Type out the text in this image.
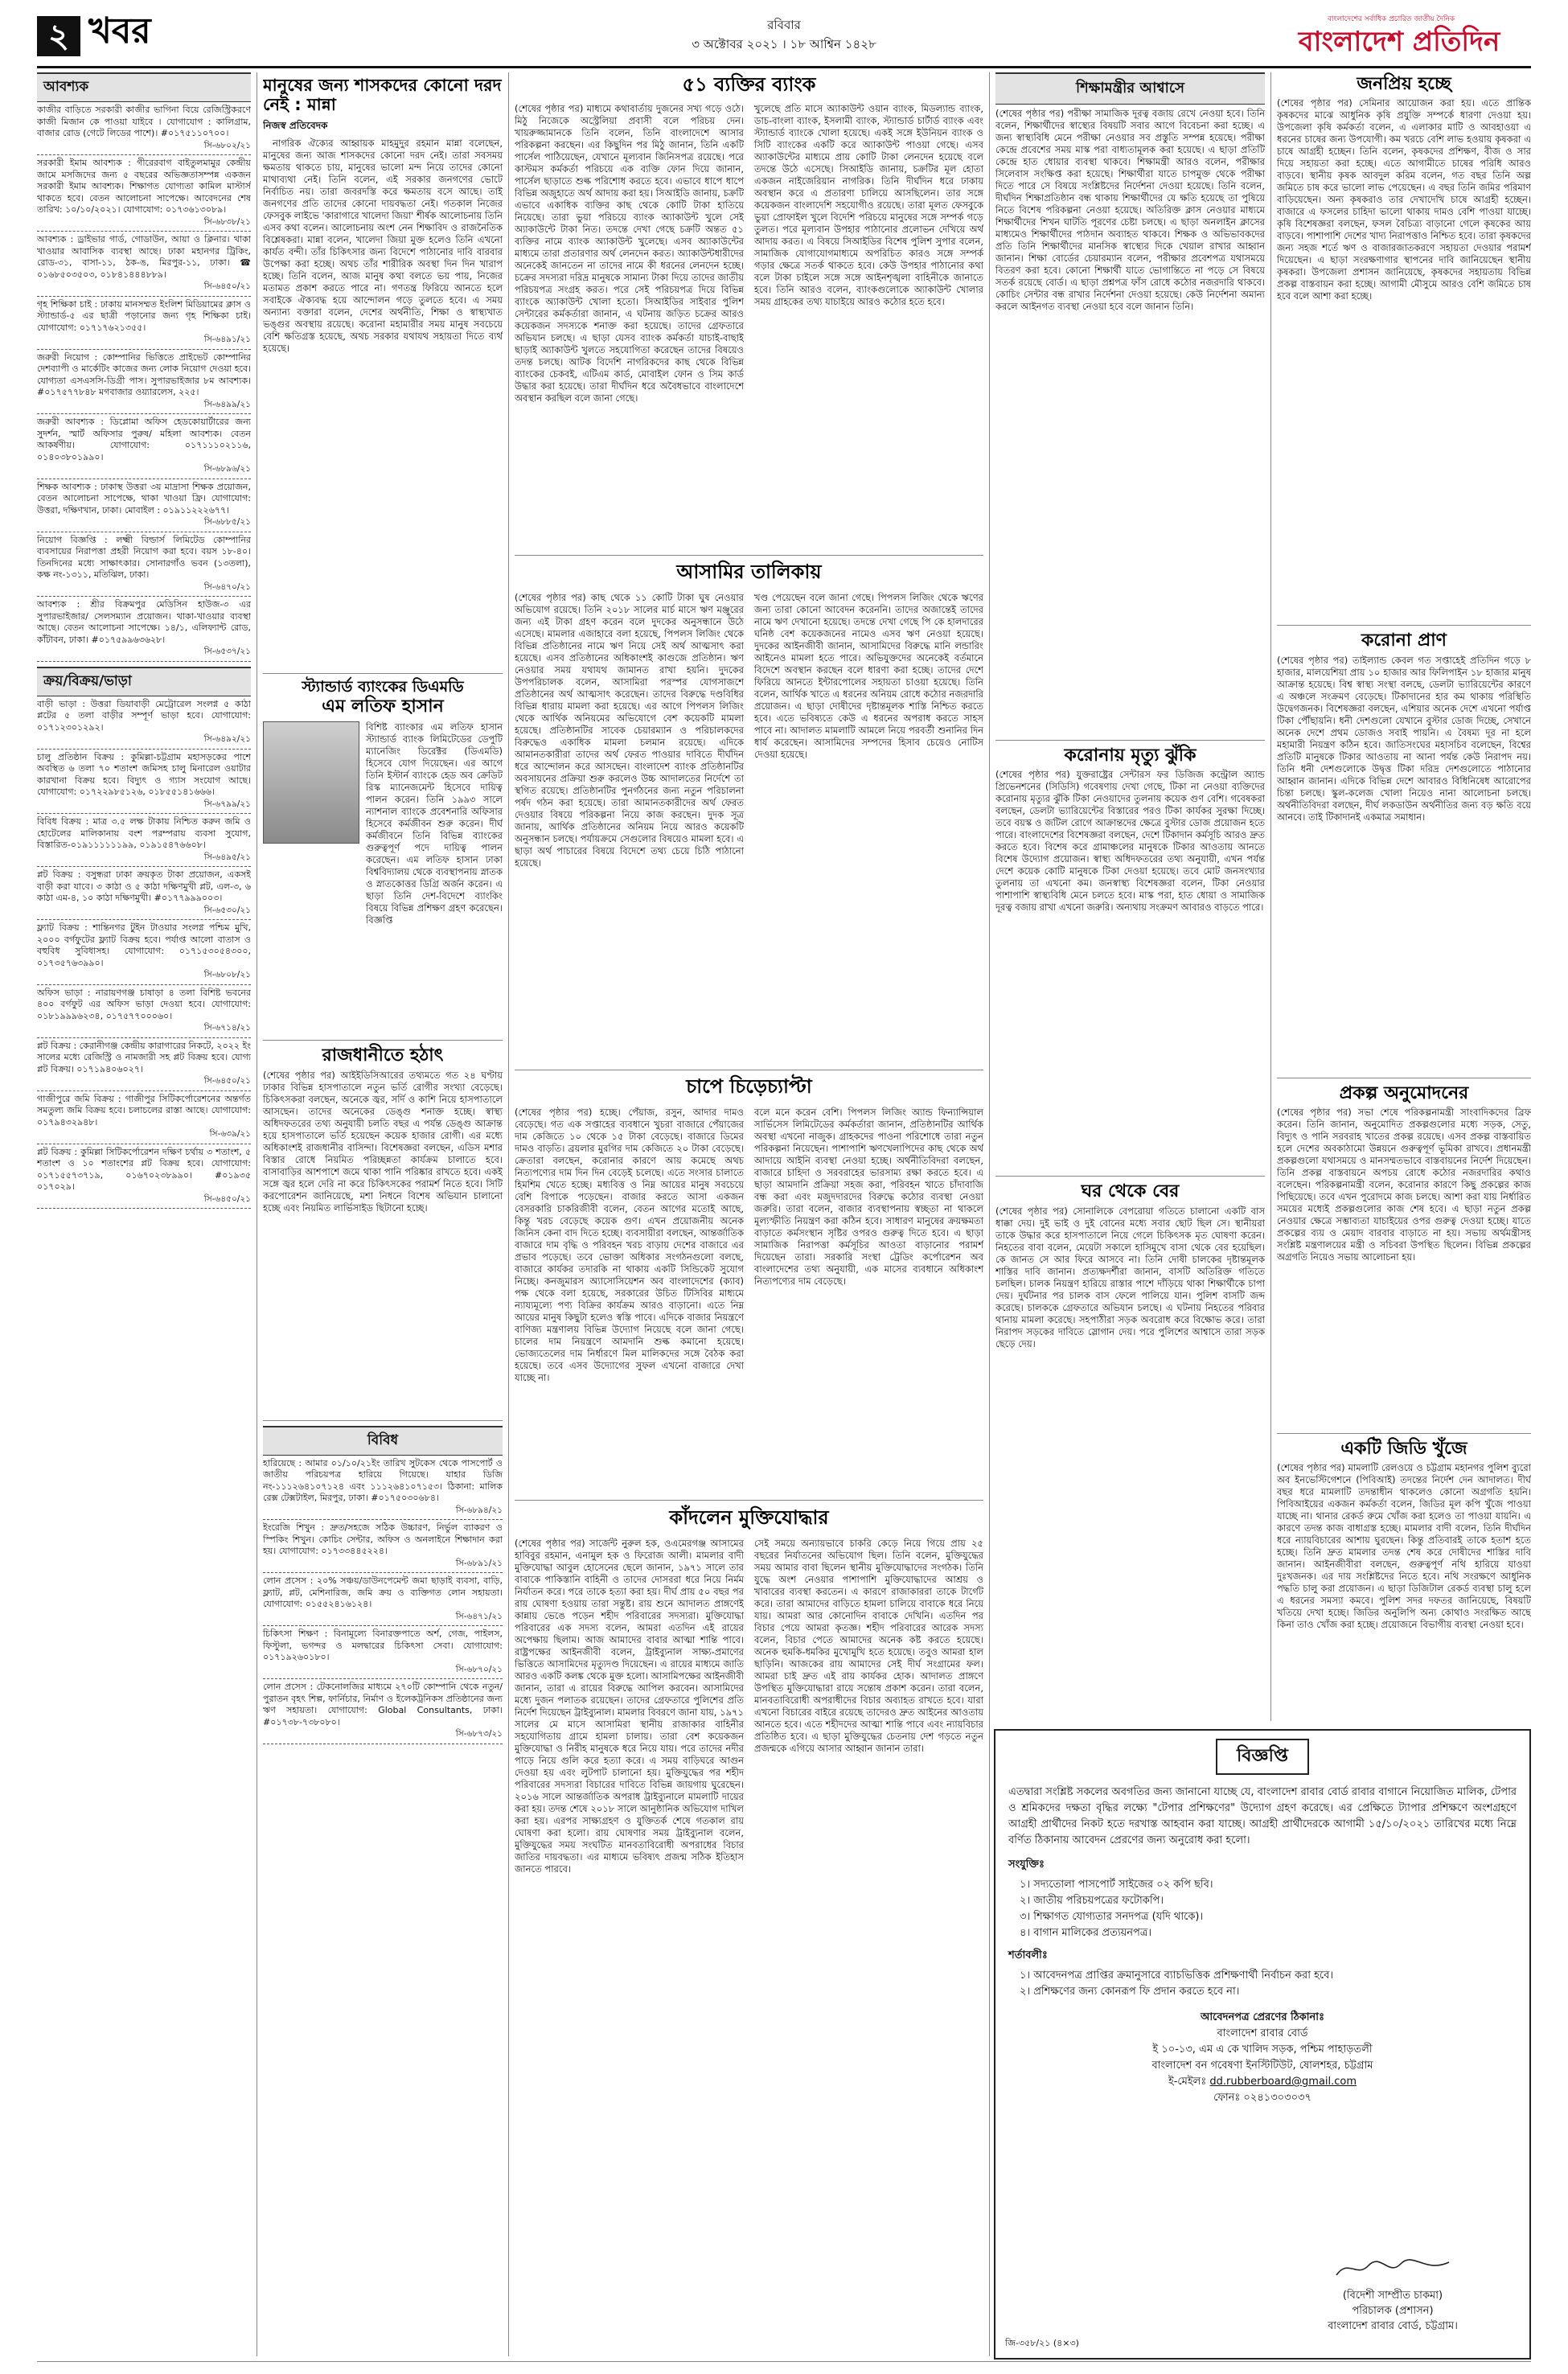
২ খবর	রবিবার
৩ অক্টোবর ২০২১ । ১৮ আশ্বিন ১৪২৮
বাংলাদেশের সর্বাধিক প্রচারিত জাতীয় দৈনিক
বাংলাদেশ প্রতিদিন
আবশ্যক
কাজীর বাড়িতে সরকারী কাজীর ভাগিনা বিয়ে রেজিস্ট্রিকরণে কাজী মিজান কে পাওয়া যাইবে । যোগাযোগ : কালিগ্রাম, বাজার রোড (গেটে লিডের পাশে)। #০১৭৫১১০৭০০।
সি-৬৮০২/২১
সরকারী ইমাম আবশ্যক : গীরেরবাগ বাইতুলমামুর কেন্দ্রীয় জামে মসজিদের জন্য ৫ বছরের অভিজ্ঞতাসম্পন্ন একজন সরকারী ইমাম আবশ্যক। শিক্ষাগত যোগ্যতা কামিল মাস্টার্স থাকতে হবে। বেতন আলোচনা সাপেক্ষে। আবেদনের শেষ তারিখ: ১০/১০/২০২১। যোগাযোগ: ০১৭৩৬১৩০৮৯।
সি-৬৮৩৮/২১
আবশ্যক : ড্রাইভার গার্ড, গোডাউন, আয়া ও ক্লিনার। থাকা খাওয়ার আবাসিক ব্যবস্থা আছে। ঢাকা মহানগর ট্রিকিং, রোড-৩১, বাসা-১১, ঠক-ঙ, মিরপুর-১১, ঢাকা। ☎ ০১৬৮৫০৩৫০৩, ০১৮৪১৪৪৪৮৮৯।
সি-৬৪৫০/২১
গৃহ শিক্ষিকা চাই : ঢাকায় মানসম্মত ইংলিশ মিডিয়ামের ক্লাস ও স্ট্যান্ডার্ড-৫ এর ছাত্রী পড়ানোর জন্য গৃহ শিক্ষিকা চাই। যোগাযোগ: ০১৭১৭৬২১৩৫৫।
সি-৬৪৯১/২১
জরুরী নিয়োগ : কোম্পানির ভিত্তিতে প্রাইভেট কোম্পানির দেশব্যাপী ও মার্কেটিং কাজের জন্য লোক নিয়োগ দেওয়া হবে। যোগ্যতা এসএসসি-ডিগ্রী পাস। সুপারভাইজার ৮ম আবশ্যক। #০১৭৫৭৭৮৪৮ মগবাজার ওয়্যারলেস, ২২৫।
সি-৬৪৯৯/২১
জরুরী আবশ্যক : ডিপ্লোমা অফিস হেডকোয়ার্টারের জন্য সুদর্শন, স্মার্ট অফিসার পুরুষ/ মহিলা আবশ্যক। বেতন আকর্ষণীয়। যোগাযোগ: ০১৭১১১০২১১৬, ০১৪০৩৮০১৯৯০।
সি-৬৮৯৬/২১
শিক্ষক আবশ্যক : ঢাকাস্থ উত্তরা ৩য় মাদ্রাসা শিক্ষক প্রয়োজন, বেতন আলোচনা সাপেক্ষে, থাকা খাওয়া ফ্রি। যোগাযোগ: উত্তরা, দক্ষিণখান, ঢাকা। মোবাইল : ০১৯১১২২২৬৭৭।
সি-৬৮৮৫/২১
নিয়োগ বিজ্ঞপ্তি : লক্ষ্মী বিল্ডার্স লিমিটেড কোম্পানির ব্যবসায়ের নিরাপত্তা প্রহরী নিয়োগ করা হবে। বয়স ১৮-৪০। তিনদিনের মধ্যে সাক্ষাৎকার। সোনারগাঁও ভবন (১৩তলা), কক্ষ নং-১৩১১, মতিঝিল, ঢাকা।
সি-৬৪৭০/২১
আবশ্যক : শ্রীর বিক্রমপুর মেডিসিন হাউজ-৩ এর সুপারভাইজার/ সেলসম্যান প্রয়োজন। থাকা-খাওয়ার ব্যবস্থা আছে। বেতন আলোচনা সাপেক্ষে। ১৪/১, এলিফ্যান্ট রোড, কাঁটাবন, ঢাকা। #০১৭৫৯৯৬৩৬২৮।
সি-৬৫৩৭/২১
ক্রয়/বিক্রয়/ভাড়া
বাড়ী ভাড়া : উত্তরা ডিয়াবাড়ী মেট্রোরেল সংলগ্ন ৫ কাঠা প্লটের ৫ তলা বাড়ীর সম্পূর্ণ ভাড়া হবে। যোগাযোগ: ০১৭১২৩০১২৯২।
সি-৬৪৯২/২১
চালু প্রতিষ্ঠান বিক্রয় : কুমিল্লা-চট্টগ্রাম মহাসড়কের পাশে অবস্থিত ৬ তলা ৭০ শতাংশ জমিসহ চালু মিনারেল ওয়াটার কারখানা বিক্রয় হবে। বিদ্যুৎ ও গ্যাস সংযোগ আছে। যোগাযোগ: ০১৭২২৯৮৫১২৬, ০১৮৫৫১৪১৬৬৬।
সি-৬৭৯৯/২১
বিবিধ বিক্রয় : মাত্র ৩.৫ লক্ষ টাকায় নিশ্চিত করুন জমি ও হোটেলের মালিকানায় বংশ পরম্পরায় ব্যবসা সুযোগ, বিস্তারিত-০১৯১১১১১১৯৯, ০১৯১৫৪৭৬৬০৮।
সি-৬৪৯৫/২১
প্লট বিক্রয় : বসুন্ধরা ঢাকা ক্রয়কৃত টাকা প্রয়োজন, একসই বাড়ী করা যাবে। ৩ কাঠা ও ৫ কাঠা দক্ষিণমুখী প্লট, এল-৩, ৬ কাঠা এম-৪, ১০ কাঠা দক্ষিণমুখী। #০১৭৭৯৯৯০০৩।
সি-৬৫৩০/২১
ফ্ল্যাট বিক্রয় : শান্তিনগর টুইন টাওয়ার সংলগ্ন পশ্চিম মুখি, ২০০০ বর্গফুটের ফ্ল্যাট বিক্রয় হবে। পর্যাপ্ত আলো বাতাস ও বহুবিধ সুবিধাসহ। যোগাযোগ: ০১৭১৫৩০৫৪৩০০, ০১৭৩৫৭৬৩৯৯০।
সি-৬৮০৮/২১
অফিস ভাড়া : নারায়ণগঞ্জ চাষাড়া ৪ তলা বিশিষ্ট ভবনের ৪০০ বর্গফুট এর অফিস ভাড়া দেওয়া হবে। যোগাযোগ: ০১৮১৯৯৯৬২৩৪, ০১৭৫৭৭০০০৬০।
সি-৬৭১৪/২১
প্লট বিক্রয় : কেরানীগঞ্জ কেন্দ্রীয় কারাগারের নিকটে, ২০২২ ইং সালের মধ্যে রেজিস্ট্রি ও নামজারী সহ প্লট বিক্রয় হবে। যোগ্য প্লট বিক্রয়। ০১৭১৯৪০৬০২৭।
সি-৬৪৫০/২১
গাজীপুরে জমি বিক্রয় : গাজীপুর সিটিকর্পোরেশনের অন্তর্গত সমতুল্য জমি বিক্রয় হবে। চলাচলের রাস্তা আছে। যোগাযোগ: ০১৭৯৪৩২৯৪৮।
সি-৬৩৯/২১
প্লট বিক্রয় : কুমিল্লা সিটিকর্পোরেশন দক্ষিণ চর্থায় ৩ শতাংশ, ৫ শতাংশ ও ১০ শতাংশের প্লট বিক্রয় হবে। যোগাযোগ: ০১৭১৫৫৭৩৭১৯, ০১৬৭০২৩৮৯৯০। #০১৯৩৫ ০১৭০২৯।
সি-৬৪৫০/২১
মানুষের জন্য শাসকদের কোনো দরদ নেই : মান্না
নিজস্ব প্রতিবেদক
নাগরিক ঐক্যের আহ্বায়ক মাহমুদুর রহমান মান্না বলেছেন, মানুষের জন্য আজ শাসকদের কোনো দরদ নেই। তারা সবসময় ক্ষমতায় থাকতে চায়, মানুষের ভালো মন্দ নিয়ে তাদের কোনো মাথাব্যথা নেই। তিনি বলেন, এই সরকার জনগণের ভোটে নির্বাচিত নয়। তারা জবরদস্তি করে ক্ষমতায় বসে আছে। তাই জনগণের প্রতি তাদের কোনো দায়বদ্ধতা নেই। গতকাল নিজের ফেসবুক লাইভে 'কারাগারে খালেদা জিয়া' শীর্ষক আলোচনায় তিনি এসব কথা বলেন। আলোচনায় অংশ নেন শিক্ষাবিদ ও রাজনৈতিক বিশ্লেষকরা। মান্না বলেন, খালেদা জিয়া মুক্ত হলেও তিনি এখনো কার্যত বন্দী। তাঁর চিকিৎসার জন্য বিদেশে পাঠানোর দাবি বারবার উপেক্ষা করা হচ্ছে। অথচ তাঁর শারীরিক অবস্থা দিন দিন খারাপ হচ্ছে। তিনি বলেন, আজ মানুষ কথা বলতে ভয় পায়, নিজের মতামত প্রকাশ করতে পারে না। গণতন্ত্র ফিরিয়ে আনতে হলে সবাইকে ঐক্যবদ্ধ হয়ে আন্দোলন গড়ে তুলতে হবে। এ সময় অন্যান্য বক্তারা বলেন, দেশের অর্থনীতি, শিক্ষা ও স্বাস্থ্যখাত ভঙ্গুর অবস্থায় রয়েছে। করোনা মহামারীর সময় মানুষ সবচেয়ে বেশি ক্ষতিগ্রস্ত হয়েছে, অথচ সরকার যথাযথ সহায়তা দিতে ব্যর্থ হয়েছে।
স্ট্যান্ডার্ড ব্যাংকের ডিএমডি
এম লতিফ হাসান
বিশিষ্ট ব্যাংকার এম লতিফ হাসান স্ট্যান্ডার্ড ব্যাংক লিমিটেডের ডেপুটি ম্যানেজিং ডিরেক্টর (ডিএমডি) হিসেবে যোগ দিয়েছেন। এর আগে তিনি ইস্টার্ন ব্যাংকে হেড অব ক্রেডিট রিস্ক ম্যানেজমেন্ট হিসেবে দায়িত্ব পালন করেন। তিনি ১৯৯৩ সালে ন্যাশনাল ব্যাংকে প্রবেশনারি অফিসার হিসেবে কর্মজীবন শুরু করেন। দীর্ঘ কর্মজীবনে তিনি বিভিন্ন ব্যাংকের গুরুত্বপূর্ণ পদে দায়িত্ব পালন করেছেন। এম লতিফ হাসান ঢাকা বিশ্ববিদ্যালয় থেকে ব্যবস্থাপনায় স্নাতক ও স্নাতকোত্তর ডিগ্রি অর্জন করেন। এ ছাড়া তিনি দেশ-বিদেশে ব্যাংকিং বিষয়ে বিভিন্ন প্রশিক্ষণ গ্রহণ করেছেন। বিজ্ঞপ্তি
রাজধানীতে হঠাৎ
(শেষের পৃষ্ঠার পর) আইইডিসিআরের তথ্যমতে গত ২৪ ঘণ্টায় ঢাকার বিভিন্ন হাসপাতালে নতুন ভর্তি রোগীর সংখ্যা বেড়েছে। চিকিৎসকরা বলছেন, অনেকে জ্বর, সর্দি ও কাশি নিয়ে হাসপাতালে আসছেন। তাদের অনেকের ডেঙ্গু শনাক্ত হচ্ছে। স্বাস্থ্য অধিদফতরের তথ্য অনুযায়ী চলতি বছর এ পর্যন্ত ডেঙ্গু আক্রান্ত হয়ে হাসপাতালে ভর্তি হয়েছেন কয়েক হাজার রোগী। এর মধ্যে অধিকাংশই রাজধানীর বাসিন্দা। বিশেষজ্ঞরা বলছেন, এডিস মশার বিস্তার রোধে নিয়মিত পরিচ্ছন্নতা কার্যক্রম চালাতে হবে। বাসাবাড়ির আশপাশে জমে থাকা পানি পরিষ্কার রাখতে হবে। একই সঙ্গে জ্বর হলে দেরি না করে চিকিৎসকের পরামর্শ নিতে হবে। সিটি করপোরেশন জানিয়েছে, মশা নিধনে বিশেষ অভিযান চালানো হচ্ছে এবং নিয়মিত লার্ভিসাইড ছিটানো হচ্ছে।
বিবিধ
হারিয়েছে : আমার ০১/১০/২১ইং তারিখ সুটকেস থেকে পাসপোর্ট ও জাতীয় পরিচয়পত্র হারিয়ে গিয়েছে। যাহার ডিজি নং-১১১২৬৪১০৭১২৪ এবং ১১১২৬৪১০৭১৫৩। ঠিকানা: মালিক রেক্স টেক্সটাইল, মিরপুর, ঢাকা। #০১৭৫০৩০৬৮৪।
সি-৬৮৯৪/২১
ইংরেজি শিখুন : দ্রুত/সহজে সঠিক উচ্চারণ, নির্ভুল ব্যাকরণ ও স্পিকিং শিখুন। কোচিং সেন্টার, অফিস ও অনলাইনে শিক্ষাদান করা হয়। যোগাযোগ: ০১৭৩৩৪৪৫২২৪।
সি-৬৮৯১/২১
লোন প্রসেস : ২০% সঞ্চয়/ডাউনপেমেন্ট জমা ছাড়াই ব্যবসা, বাড়ি, ফ্ল্যাট, প্লট, মেশিনারিজ, জমি ক্রয় ও ব্যক্তিগত লোন সহায়তা। যোগাযোগ: ০১৫৫২৪১৬১২৪।
সি-৬৪৭১/২১
চিকিৎসা শিক্ষণ : বিনামূল্যে বিনারক্তপাতে অর্শ, গেজ, পাইলস, ফিস্টুলা, ভগন্দর ও মলদ্বারের চিকিৎসা সেবা। যোগাযোগ: ০১৭১৯২৬০১৮০।
সি-৬৮৭০/২১
লোন প্রসেস : টেকনোলজির মাধ্যমে ২৭০টি কোম্পানি থেকে নতুন/পুরাতন বৃহৎ শিল্প, ফার্নিচার, নির্মাণ ও ইলেকট্রনিকস প্রতিষ্ঠানের জন্য ঋণ সহায়তা। যোগাযোগ: Global Consultants, ঢাকা। #০১৭৩৮-৭৩৮০৮০।
সি-৬৮৭৩/২১
৫১ ব্যক্তির ব্যাংক
(শেষের পৃষ্ঠার পর) মাধ্যমে কথাবার্তায় দুজনের সখ্য গড়ে ওঠে। মিঠু নিজেকে অস্ট্রেলিয়া প্রবাসী বলে পরিচয় দেন। খায়রুজ্জামানকে তিনি বলেন, তিনি বাংলাদেশে আসার পরিকল্পনা করছেন। এর কিছুদিন পর মিঠু জানান, তিনি একটি পার্সেল পাঠিয়েছেন, যেখানে মূল্যবান জিনিসপত্র রয়েছে। পরে কাস্টমস কর্মকর্তা পরিচয়ে এক ব্যক্তি ফোন দিয়ে জানান, পার্সেল ছাড়াতে শুল্ক পরিশোধ করতে হবে। এভাবে ধাপে ধাপে বিভিন্ন অজুহাতে অর্থ আদায় করা হয়। সিআইডি জানায়, চক্রটি এভাবে একাধিক ব্যক্তির কাছ থেকে কোটি টাকা হাতিয়ে নিয়েছে। তারা ভুয়া পরিচয়ে ব্যাংক অ্যাকাউন্ট খুলে সেই অ্যাকাউন্টে টাকা নিত। তদন্তে দেখা গেছে চক্রটি অন্তত ৫১ ব্যক্তির নামে ব্যাংক অ্যাকাউন্ট খুলেছে। এসব অ্যাকাউন্টের মাধ্যমে তারা প্রতারণার অর্থ লেনদেন করত। অ্যাকাউন্টধারীদের অনেকেই জানতেন না তাদের নামে কী ধরনের লেনদেন হচ্ছে। চক্রের সদস্যরা দরিদ্র মানুষকে সামান্য টাকা দিয়ে তাদের জাতীয় পরিচয়পত্র সংগ্রহ করত। পরে সেই পরিচয়পত্র দিয়ে বিভিন্ন ব্যাংকে অ্যাকাউন্ট খোলা হতো। সিআইডির সাইবার পুলিশ সেন্টারের কর্মকর্তারা জানান, এ ঘটনায় জড়িত চক্রের আরও কয়েকজন সদস্যকে শনাক্ত করা হয়েছে। তাদের গ্রেফতারে অভিযান চলছে। এ ছাড়া যেসব ব্যাংক কর্মকর্তা যাচাই-বাছাই ছাড়াই অ্যাকাউন্ট খুলতে সহযোগিতা করেছেন তাদের বিষয়েও তদন্ত চলছে। আটক বিদেশি নাগরিকদের কাছ থেকে বিভিন্ন ব্যাংকের চেকবই, এটিএম কার্ড, মোবাইল ফোন ও সিম কার্ড উদ্ধার করা হয়েছে। তারা দীর্ঘদিন ধরে অবৈধভাবে বাংলাদেশে অবস্থান করছিল বলে জানা গেছে।
খুলেছে প্রতি মাসে অ্যাকাউন্ট ওয়ান ব্যাংক, মিডল্যান্ড ব্যাংক, ডাচ-বাংলা ব্যাংক, ইসলামী ব্যাংক, স্ট্যান্ডার্ড চার্টার্ড ব্যাংক এবং স্ট্যান্ডার্ড ব্যাংকে খোলা হয়েছে। একই সঙ্গে ইউনিয়ন ব্যাংক ও সিটি ব্যাংকের একটি করে অ্যাকাউন্ট পাওয়া গেছে। এসব অ্যাকাউন্টের মাধ্যমে প্রায় কোটি টাকা লেনদেন হয়েছে বলে তদন্তে উঠে এসেছে। সিআইডি জানায়, চক্রটির মূল হোতা একজন নাইজেরিয়ান নাগরিক। তিনি দীর্ঘদিন ধরে ঢাকায় অবস্থান করে এ প্রতারণা চালিয়ে আসছিলেন। তার সঙ্গে কয়েকজন বাংলাদেশি সহযোগীও রয়েছে। তারা মূলত ফেসবুকে ভুয়া প্রোফাইল খুলে বিদেশি পরিচয়ে মানুষের সঙ্গে সম্পর্ক গড়ে তুলত। পরে মূল্যবান উপহার পাঠানোর প্রলোভন দেখিয়ে অর্থ আদায় করত। এ বিষয়ে সিআইডির বিশেষ পুলিশ সুপার বলেন, সামাজিক যোগাযোগমাধ্যমে অপরিচিত কারও সঙ্গে সম্পর্ক গড়ার ক্ষেত্রে সতর্ক থাকতে হবে। কেউ উপহার পাঠানোর কথা বলে টাকা চাইলে সঙ্গে সঙ্গে আইনশৃঙ্খলা বাহিনীকে জানাতে হবে। তিনি আরও বলেন, ব্যাংকগুলোকে অ্যাকাউন্ট খোলার সময় গ্রাহকের তথ্য যাচাইয়ে আরও কঠোর হতে হবে।
আসামির তালিকায়
(শেষের পৃষ্ঠার পর) কাছ থেকে ১১ কোটি টাকা ঘুষ নেওয়ার অভিযোগ রয়েছে। তিনি ২০১৮ সালের মার্চ মাসে ঋণ মঞ্জুরের জন্য এই টাকা গ্রহণ করেন বলে দুদকের অনুসন্ধানে উঠে এসেছে। মামলার এজাহারে বলা হয়েছে, পিপলস লিজিং থেকে বিভিন্ন প্রতিষ্ঠানের নামে ঋণ নিয়ে সেই অর্থ আত্মসাৎ করা হয়েছে। এসব প্রতিষ্ঠানের অধিকাংশই কাগুজে প্রতিষ্ঠান। ঋণ নেওয়ার সময় যথাযথ জামানত রাখা হয়নি। দুদকের উপপরিচালক বলেন, আসামিরা পরস্পর যোগসাজশে প্রতিষ্ঠানের অর্থ আত্মসাৎ করেছেন। তাদের বিরুদ্ধে দণ্ডবিধির বিভিন্ন ধারায় মামলা করা হয়েছে। এর আগে পিপলস লিজিং থেকে আর্থিক অনিয়মের অভিযোগে বেশ কয়েকটি মামলা হয়েছে। প্রতিষ্ঠানটির সাবেক চেয়ারম্যান ও পরিচালকদের বিরুদ্ধেও একাধিক মামলা চলমান রয়েছে। এদিকে আমানতকারীরা তাদের অর্থ ফেরত পাওয়ার দাবিতে দীর্ঘদিন ধরে আন্দোলন করে আসছেন। বাংলাদেশ ব্যাংক প্রতিষ্ঠানটির অবসায়নের প্রক্রিয়া শুরু করলেও উচ্চ আদালতের নির্দেশে তা স্থগিত রয়েছে। প্রতিষ্ঠানটির পুনর্গঠনের জন্য নতুন পরিচালনা পর্ষদ গঠন করা হয়েছে। তারা আমানতকারীদের অর্থ ফেরত দেওয়ার বিষয়ে পরিকল্পনা নিয়ে কাজ করছেন। দুদক সূত্র জানায়, আর্থিক প্রতিষ্ঠানের অনিয়ম নিয়ে আরও কয়েকটি অনুসন্ধান চলছে। পর্যায়ক্রমে সেগুলোর বিষয়েও মামলা হবে। এ ছাড়া অর্থ পাচারের বিষয়ে বিদেশে তথ্য চেয়ে চিঠি পাঠানো হয়েছে।
খণ্ড পেয়েছেন বলে জানা গেছে। পিপলস লিজিং থেকে ঋণের জন্য তারা কোনো আবেদন করেননি। তাদের অজান্তেই তাদের নামে ঋণ দেখানো হয়েছে। তদন্তে দেখা গেছে পি কে হালদারের ঘনিষ্ঠ বেশ কয়েকজনের নামেও এসব ঋণ নেওয়া হয়েছে। দুদকের আইনজীবী জানান, আসামিদের বিরুদ্ধে মানি লন্ডারিং আইনেও মামলা হতে পারে। অভিযুক্তদের অনেকেই বর্তমানে বিদেশে অবস্থান করছেন বলে ধারণা করা হচ্ছে। তাদের দেশে ফিরিয়ে আনতে ইন্টারপোলের সহায়তা চাওয়া হয়েছে। তিনি বলেন, আর্থিক খাতে এ ধরনের অনিয়ম রোধে কঠোর নজরদারি প্রয়োজন। এ ছাড়া দোষীদের দৃষ্টান্তমূলক শাস্তি নিশ্চিত করতে হবে। এতে ভবিষ্যতে কেউ এ ধরনের অপরাধ করতে সাহস পাবে না। আদালত মামলাটি আমলে নিয়ে পরবর্তী শুনানির দিন ধার্য করেছেন। আসামিদের সম্পদের হিসাব চেয়েও নোটিস দেওয়া হয়েছে।
চাপে চিড়েচ্যাপ্টা
(শেষের পৃষ্ঠার পর) হচ্ছে। পেঁয়াজ, রসুন, আদার দামও বেড়েছে। গত এক সপ্তাহের ব্যবধানে খুচরা বাজারে পেঁয়াজের দাম কেজিতে ১০ থেকে ১৫ টাকা বেড়েছে। বাজারে ডিমের দামও বাড়তি। ব্রয়লার মুরগির দাম কেজিতে ২০ টাকা বেড়েছে। ক্রেতারা বলছেন, করোনার কারণে আয় কমেছে অথচ নিত্যপণ্যের দাম দিন দিন বেড়েই চলেছে। এতে সংসার চালাতে হিমশিম খেতে হচ্ছে। মধ্যবিত্ত ও নিম্ন আয়ের মানুষ সবচেয়ে বেশি বিপাকে পড়েছেন। বাজার করতে আসা একজন বেসরকারি চাকরিজীবী বলেন, বেতন আগের মতোই আছে, কিন্তু খরচ বেড়েছে কয়েক গুণ। এখন প্রয়োজনীয় অনেক জিনিস কেনা বাদ দিতে হচ্ছে। ব্যবসায়ীরা বলছেন, আন্তর্জাতিক বাজারে দাম বৃদ্ধি ও পরিবহন খরচ বাড়ায় দেশের বাজারে এর প্রভাব পড়েছে। তবে ভোক্তা অধিকার সংগঠনগুলো বলছে, বাজারে কার্যকর তদারকি না থাকায় একটি সিন্ডিকেট সুযোগ নিচ্ছে। কনজুমারস অ্যাসোসিয়েশন অব বাংলাদেশের (ক্যাব) পক্ষ থেকে বলা হয়েছে, সরকারের উচিত টিসিবির মাধ্যমে ন্যায্যমূল্যে পণ্য বিক্রির কার্যক্রম আরও বাড়ানো। এতে নিম্ন আয়ের মানুষ কিছুটা হলেও স্বস্তি পাবে। এদিকে বাজার নিয়ন্ত্রণে বাণিজ্য মন্ত্রণালয় বিভিন্ন উদ্যোগ নিয়েছে বলে জানা গেছে। চালের দাম নিয়ন্ত্রণে আমদানি শুল্ক কমানো হয়েছে। ভোজ্যতেলের দাম নির্ধারণে মিল মালিকদের সঙ্গে বৈঠক করা হয়েছে। তবে এসব উদ্যোগের সুফল এখনো বাজারে দেখা যাচ্ছে না।
বলে মনে করেন বেশি। পিপলস লিজিং অ্যান্ড ফিন্যান্সিয়াল সার্ভিসেস লিমিটেডের কর্মকর্তারা জানান, প্রতিষ্ঠানটির আর্থিক অবস্থা এখনো নাজুক। গ্রাহকদের পাওনা পরিশোধে তারা নতুন পরিকল্পনা নিয়েছেন। পাশাপাশি ঋণখেলাপিদের কাছ থেকে অর্থ আদায়ে আইনি ব্যবস্থা নেওয়া হচ্ছে। অর্থনীতিবিদরা বলছেন, বাজারে চাহিদা ও সরবরাহের ভারসাম্য রক্ষা করতে হবে। এ ছাড়া আমদানি প্রক্রিয়া সহজ করা, পরিবহন খাতে চাঁদাবাজি বন্ধ করা এবং মজুদদারদের বিরুদ্ধে কঠোর ব্যবস্থা নেওয়া জরুরি। তারা বলেন, বাজার ব্যবস্থাপনায় স্বচ্ছতা না থাকলে মূল্যস্ফীতি নিয়ন্ত্রণ করা কঠিন হবে। সাধারণ মানুষের ক্রয়ক্ষমতা বাড়াতে কর্মসংস্থান সৃষ্টির ওপরও গুরুত্ব দিতে হবে। এ ছাড়া সামাজিক নিরাপত্তা কর্মসূচির আওতা বাড়ানোর পরামর্শ দিয়েছেন তারা। সরকারি সংস্থা ট্রেডিং কর্পোরেশন অব বাংলাদেশের তথ্য অনুযায়ী, এক মাসের ব্যবধানে অধিকাংশ নিত্যপণ্যের দাম বেড়েছে।
কাঁদলেন মুক্তিযোদ্ধার
(শেষের পৃষ্ঠার পর) সার্জেন্ট নুরুল হক, ওএমেরগঞ্জ আসামের হাবিবুর রহমান, এনামুল হক ও ফিরোজ আলী। মামলার বাদী মুক্তিযোদ্ধা আবুল হোসেনের ছেলে জানান, ১৯৭১ সালে তার বাবাকে পাকিস্তানি বাহিনী ও তাদের দোসররা ধরে নিয়ে নির্মম নির্যাতন করে। পরে তাকে হত্যা করা হয়। দীর্ঘ প্রায় ৫০ বছর পর রায় ঘোষণা হওয়ায় তারা সন্তুষ্ট। রায় শুনে আদালত প্রাঙ্গণেই কান্নায় ভেঙে পড়েন শহীদ পরিবারের সদস্যরা। মুক্তিযোদ্ধা পরিবারের এক সদস্য বলেন, আমরা এতদিন এই রায়ের অপেক্ষায় ছিলাম। আজ আমাদের বাবার আত্মা শান্তি পাবে। রাষ্ট্রপক্ষের আইনজীবী বলেন, ট্রাইব্যুনাল সাক্ষ্য-প্রমাণের ভিত্তিতে আসামিদের মৃত্যুদণ্ড দিয়েছেন। এ রায়ের মাধ্যমে জাতি আরও একটি কলঙ্ক থেকে মুক্ত হলো। আসামিপক্ষের আইনজীবী জানান, তারা এ রায়ের বিরুদ্ধে আপিল করবেন। আসামিদের মধ্যে দুজন পলাতক রয়েছেন। তাদের গ্রেফতারে পুলিশের প্রতি নির্দেশ দিয়েছেন ট্রাইব্যুনাল। মামলার বিবরণে জানা যায়, ১৯৭১ সালের মে মাসে আসামিরা স্থানীয় রাজাকার বাহিনীর সহযোগিতায় গ্রামে হামলা চালায়। তারা বেশ কয়েকজন মুক্তিযোদ্ধা ও নিরীহ মানুষকে ধরে নিয়ে যায়। পরে তাদের নদীর পাড়ে নিয়ে গুলি করে হত্যা করে। এ সময় বাড়িঘরে আগুন দেওয়া হয় এবং লুটপাট চালানো হয়। মুক্তিযুদ্ধের পর শহীদ পরিবারের সদস্যরা বিচারের দাবিতে বিভিন্ন জায়গায় ঘুরেছেন। ২০১৬ সালে আন্তর্জাতিক অপরাধ ট্রাইব্যুনালে মামলাটি দায়ের করা হয়। তদন্ত শেষে ২০১৮ সালে আনুষ্ঠানিক অভিযোগ দাখিল করা হয়। এরপর সাক্ষ্যগ্রহণ ও যুক্তিতর্ক শেষে গতকাল রায় ঘোষণা করা হলো। রায় ঘোষণার সময় ট্রাইব্যুনাল বলেন, মুক্তিযুদ্ধের সময় সংঘটিত মানবতাবিরোধী অপরাধের বিচার জাতির দায়বদ্ধতা। এর মাধ্যমে ভবিষ্যৎ প্রজন্ম সঠিক ইতিহাস জানতে পারবে।
সেই সময়ে অন্যায়ভাবে চাকরি কেড়ে নিয়ে গিয়ে প্রায় ২৫ বছরের নির্যাতনের অভিযোগ ছিল। তিনি বলেন, মুক্তিযুদ্ধের সময় আমার বাবা ছিলেন স্থানীয় মুক্তিযোদ্ধাদের সংগঠক। তিনি যুদ্ধে অংশ নেওয়ার পাশাপাশি মুক্তিযোদ্ধাদের আশ্রয় ও খাবারের ব্যবস্থা করতেন। এ কারণে রাজাকাররা তাকে টার্গেট করে। তারা আমাদের বাড়িতে হামলা চালিয়ে বাবাকে ধরে নিয়ে যায়। আমরা আর কোনোদিন বাবাকে দেখিনি। এতদিন পর বিচার পেয়ে আমরা কৃতজ্ঞ। শহীদ পরিবারের আরেক সদস্য বলেন, বিচার পেতে আমাদের অনেক কষ্ট করতে হয়েছে। অনেক হুমকি-ধমকির মুখোমুখি হতে হয়েছে। তবুও আমরা হাল ছাড়িনি। আজকের রায় আমাদের সেই দীর্ঘ সংগ্রামের ফল। আমরা চাই দ্রুত এই রায় কার্যকর হোক। আদালত প্রাঙ্গণে উপস্থিত মুক্তিযোদ্ধারা রায়ে সন্তোষ প্রকাশ করেন। তারা বলেন, মানবতাবিরোধী অপরাধীদের বিচার অব্যাহত রাখতে হবে। যারা এখনো বিচারের বাইরে রয়েছে তাদেরও দ্রুত আইনের আওতায় আনতে হবে। এতে শহীদদের আত্মা শান্তি পাবে এবং ন্যায়বিচার প্রতিষ্ঠিত হবে। এ ছাড়া মুক্তিযুদ্ধের চেতনায় দেশ গড়তে নতুন প্রজন্মকে এগিয়ে আসার আহ্বান জানান তারা।
শিক্ষামন্ত্রীর আশ্বাসে
(শেষের পৃষ্ঠার পর) পরীক্ষা সামাজিক দূরত্ব বজায় রেখে নেওয়া হবে। তিনি বলেন, শিক্ষার্থীদের স্বাস্থ্যের বিষয়টি সবার আগে বিবেচনা করা হচ্ছে। এ জন্য স্বাস্থ্যবিধি মেনে পরীক্ষা নেওয়ার সব প্রস্তুতি সম্পন্ন হয়েছে। পরীক্ষা কেন্দ্রে প্রবেশের সময় মাস্ক পরা বাধ্যতামূলক করা হয়েছে। এ ছাড়া প্রতিটি কেন্দ্রে হাত ধোয়ার ব্যবস্থা থাকবে। শিক্ষামন্ত্রী আরও বলেন, পরীক্ষার সিলেবাস সংক্ষিপ্ত করা হয়েছে। শিক্ষার্থীরা যাতে চাপমুক্ত থেকে পরীক্ষা দিতে পারে সে বিষয়ে সংশ্লিষ্টদের নির্দেশনা দেওয়া হয়েছে। তিনি বলেন, দীর্ঘদিন শিক্ষাপ্রতিষ্ঠান বন্ধ থাকায় শিক্ষার্থীদের যে ক্ষতি হয়েছে তা পুষিয়ে নিতে বিশেষ পরিকল্পনা নেওয়া হয়েছে। অতিরিক্ত ক্লাস নেওয়ার মাধ্যমে শিক্ষার্থীদের শিখন ঘাটতি পূরণের চেষ্টা চলছে। এ ছাড়া অনলাইন ক্লাসের মাধ্যমেও শিক্ষার্থীদের পাঠদান অব্যাহত থাকবে। শিক্ষক ও অভিভাবকদের প্রতি তিনি শিক্ষার্থীদের মানসিক স্বাস্থ্যের দিকে খেয়াল রাখার আহ্বান জানান। শিক্ষা বোর্ডের চেয়ারম্যান বলেন, পরীক্ষার প্রবেশপত্র যথাসময়ে বিতরণ করা হবে। কোনো শিক্ষার্থী যাতে ভোগান্তিতে না পড়ে সে বিষয়ে সতর্ক রয়েছে বোর্ড। এ ছাড়া প্রশ্নপত্র ফাঁস রোধে কঠোর নজরদারি থাকবে। কোচিং সেন্টার বন্ধ রাখার নির্দেশনা দেওয়া হয়েছে। কেউ নির্দেশনা অমান্য করলে আইনগত ব্যবস্থা নেওয়া হবে বলে জানান তিনি।
করোনায় মৃত্যু ঝুঁকি
(শেষের পৃষ্ঠার পর) যুক্তরাষ্ট্রের সেন্টারস ফর ডিজিজ কন্ট্রোল অ্যান্ড প্রিভেনশনের (সিডিসি) গবেষণায় দেখা গেছে, টিকা না নেওয়া ব্যক্তিদের করোনায় মৃত্যুর ঝুঁকি টিকা নেওয়াদের তুলনায় কয়েক গুণ বেশি। গবেষকরা বলছেন, ডেলটা ভ্যারিয়েন্টের বিস্তারের পরও টিকা কার্যকর সুরক্ষা দিচ্ছে। তবে বয়স্ক ও জটিল রোগে আক্রান্তদের ক্ষেত্রে বুস্টার ডোজ প্রয়োজন হতে পারে। বাংলাদেশের বিশেষজ্ঞরা বলছেন, দেশে টিকাদান কর্মসূচি আরও দ্রুত করতে হবে। বিশেষ করে গ্রামাঞ্চলের মানুষকে টিকার আওতায় আনতে বিশেষ উদ্যোগ প্রয়োজন। স্বাস্থ্য অধিদফতরের তথ্য অনুযায়ী, এখন পর্যন্ত দেশে কয়েক কোটি মানুষকে টিকা দেওয়া হয়েছে। তবে মোট জনসংখ্যার তুলনায় তা এখনো কম। জনস্বাস্থ্য বিশেষজ্ঞরা বলেন, টিকা নেওয়ার পাশাপাশি স্বাস্থ্যবিধি মেনে চলতে হবে। মাস্ক পরা, হাত ধোয়া ও সামাজিক দূরত্ব বজায় রাখা এখনো জরুরি। অন্যথায় সংক্রমণ আবারও বাড়তে পারে।
ঘর থেকে বের
(শেষের পৃষ্ঠার পর) সোনালিকে বেপরোয়া গতিতে চালানো একটি বাস ধাক্কা দেয়। দুই ভাই ও দুই বোনের মধ্যে সবার ছোট ছিল সে। স্থানীয়রা তাকে উদ্ধার করে হাসপাতালে নিয়ে গেলে চিকিৎসক মৃত ঘোষণা করেন। নিহতের বাবা বলেন, মেয়েটা সকালে হাসিমুখে বাসা থেকে বের হয়েছিল। কে জানত সে আর ফিরে আসবে না। তিনি দোষী চালকের দৃষ্টান্তমূলক শাস্তির দাবি জানান। প্রত্যক্ষদর্শীরা জানান, বাসটি অতিরিক্ত গতিতে চলছিল। চালক নিয়ন্ত্রণ হারিয়ে রাস্তার পাশে দাঁড়িয়ে থাকা শিক্ষার্থীকে চাপা দেয়। দুর্ঘটনার পর চালক বাস ফেলে পালিয়ে যান। পুলিশ বাসটি জব্দ করেছে। চালককে গ্রেফতারে অভিযান চলছে। এ ঘটনায় নিহতের পরিবার থানায় মামলা করেছে। সহপাঠীরা সড়ক অবরোধ করে বিক্ষোভ করে। তারা নিরাপদ সড়কের দাবিতে স্লোগান দেয়। পরে পুলিশের আশ্বাসে তারা সড়ক ছেড়ে দেয়।
জনপ্রিয় হচ্ছে
(শেষের পৃষ্ঠার পর) সেমিনার আয়োজন করা হয়। এতে প্রান্তিক কৃষকদের মাঝে আধুনিক কৃষি প্রযুক্তি সম্পর্কে ধারণা দেওয়া হয়। উপজেলা কৃষি কর্মকর্তা বলেন, এ এলাকার মাটি ও আবহাওয়া এ ধরনের চাষের জন্য উপযোগী। কম খরচে বেশি লাভ হওয়ায় কৃষকরা এ চাষে আগ্রহী হচ্ছেন। তিনি বলেন, কৃষকদের প্রশিক্ষণ, বীজ ও সার দিয়ে সহায়তা করা হচ্ছে। এতে আগামীতে চাষের পরিধি আরও বাড়বে। স্থানীয় কৃষক আবদুল করিম বলেন, গত বছর তিনি অল্প জমিতে চাষ করে ভালো লাভ পেয়েছেন। এ বছর তিনি জমির পরিমাণ বাড়িয়েছেন। অন্য কৃষকরাও তার দেখাদেখি চাষে আগ্রহী হচ্ছেন। বাজারে এ ফসলের চাহিদা ভালো থাকায় দামও বেশি পাওয়া যাচ্ছে। কৃষি বিশেষজ্ঞরা বলছেন, ফসল বৈচিত্র্য বাড়ানো গেলে কৃষকের আয় বাড়বে। পাশাপাশি দেশের খাদ্য নিরাপত্তাও নিশ্চিত হবে। তারা কৃষকদের জন্য সহজ শর্তে ঋণ ও বাজারজাতকরণে সহায়তা দেওয়ার পরামর্শ দিয়েছেন। এ ছাড়া সংরক্ষণাগার স্থাপনের দাবি জানিয়েছেন স্থানীয় কৃষকরা। উপজেলা প্রশাসন জানিয়েছে, কৃষকদের সহায়তায় বিভিন্ন প্রকল্প বাস্তবায়ন করা হচ্ছে। আগামী মৌসুমে আরও বেশি জমিতে চাষ হবে বলে আশা করা হচ্ছে।
করোনা প্রাণ
(শেষের পৃষ্ঠার পর) তাইল্যান্ড কেবল গত সপ্তাহেই প্রতিদিন গড়ে ৮ হাজার, মালয়েশিয়া প্রায় ১০ হাজার আর ফিলিপাইন ১৮ হাজার মানুষ আক্রান্ত হয়েছে। বিশ্ব স্বাস্থ্য সংস্থা বলছে, ডেলটা ভ্যারিয়েন্টের কারণে এ অঞ্চলে সংক্রমণ বেড়েছে। টিকাদানের হার কম থাকায় পরিস্থিতি উদ্বেগজনক। বিশেষজ্ঞরা বলছেন, এশিয়ার অনেক দেশে এখনো পর্যাপ্ত টিকা পৌঁছায়নি। ধনী দেশগুলো যেখানে বুস্টার ডোজ দিচ্ছে, সেখানে অনেক দেশে প্রথম ডোজও সবাই পায়নি। এ বৈষম্য দূর না হলে মহামারী নিয়ন্ত্রণ কঠিন হবে। জাতিসংঘের মহাসচিব বলেছেন, বিশ্বের প্রতিটি মানুষকে টিকার আওতায় না আনা পর্যন্ত কেউ নিরাপদ নয়। তিনি ধনী দেশগুলোকে উদ্বৃত্ত টিকা দরিদ্র দেশগুলোতে পাঠানোর আহ্বান জানান। এদিকে বিভিন্ন দেশে আবারও বিধিনিষেধ আরোপের চিন্তা চলছে। স্কুল-কলেজ খোলা নিয়েও নানা আলোচনা চলছে। অর্থনীতিবিদরা বলছেন, দীর্ঘ লকডাউন অর্থনীতির জন্য বড় ক্ষতি বয়ে আনবে। তাই টিকাদানই একমাত্র সমাধান।
প্রকল্প অনুমোদনের
(শেষের পৃষ্ঠার পর) সভা শেষে পরিকল্পনামন্ত্রী সাংবাদিকদের ব্রিফ করেন। তিনি জানান, অনুমোদিত প্রকল্পগুলোর মধ্যে সড়ক, সেতু, বিদ্যুৎ ও পানি সরবরাহ খাতের প্রকল্প রয়েছে। এসব প্রকল্প বাস্তবায়িত হলে দেশের অবকাঠামো উন্নয়নে গুরুত্বপূর্ণ ভূমিকা রাখবে। প্রধানমন্ত্রী প্রকল্পগুলো যথাসময়ে ও মানসম্মতভাবে বাস্তবায়নের নির্দেশ দিয়েছেন। তিনি প্রকল্প বাস্তবায়নে অপচয় রোধে কঠোর নজরদারির কথাও বলেছেন। পরিকল্পনামন্ত্রী বলেন, করোনার কারণে কিছু প্রকল্পের কাজ পিছিয়েছে। তবে এখন পুরোদমে কাজ চলছে। আশা করা যায় নির্ধারিত সময়ের মধ্যেই প্রকল্পগুলোর কাজ শেষ হবে। এ ছাড়া নতুন প্রকল্প নেওয়ার ক্ষেত্রে সম্ভাব্যতা যাচাইয়ের ওপর গুরুত্ব দেওয়া হচ্ছে। যাতে প্রকল্পের ব্যয় ও মেয়াদ বারবার বাড়াতে না হয়। সভায় অর্থমন্ত্রীসহ সংশ্লিষ্ট মন্ত্রণালয়ের মন্ত্রী ও সচিবরা উপস্থিত ছিলেন। বিভিন্ন প্রকল্পের অগ্রগতি নিয়েও সভায় আলোচনা হয়।
একটি জিডি খুঁজে
(শেষের পৃষ্ঠার পর) মামলাটি রেলওয়ে ও চট্টগ্রাম মহানগর পুলিশ ব্যুরো অব ইনভেস্টিগেশনে (পিবিআই) তদন্তের নির্দেশ দেন আদালত। দীর্ঘ বছর ধরে মামলাটি তদন্তাধীন থাকলেও কোনো অগ্রগতি হয়নি। পিবিআইয়ের একজন কর্মকর্তা বলেন, জিডির মূল কপি খুঁজে পাওয়া যাচ্ছে না। থানার রেকর্ড রুমে খোঁজ করা হলেও তা পাওয়া যায়নি। এ কারণে তদন্ত কাজ বাধাগ্রস্ত হচ্ছে। মামলার বাদী বলেন, তিনি দীর্ঘদিন ধরে ন্যায়বিচারের আশায় ঘুরছেন। কিন্তু প্রতিবারই তাকে হতাশ হতে হচ্ছে। তিনি দ্রুত মামলার তদন্ত শেষ করে দোষীদের শাস্তির দাবি জানান। আইনজীবীরা বলছেন, গুরুত্বপূর্ণ নথি হারিয়ে যাওয়া দুঃখজনক। এর দায় সংশ্লিষ্টদের নিতে হবে। নথি সংরক্ষণে আধুনিক পদ্ধতি চালু করা প্রয়োজন। এ ছাড়া ডিজিটাল রেকর্ড ব্যবস্থা চালু হলে এ ধরনের সমস্যা কমবে। পুলিশ সদর দফতর জানিয়েছে, বিষয়টি খতিয়ে দেখা হচ্ছে। জিডির অনুলিপি অন্য কোথাও সংরক্ষিত আছে কিনা তাও খোঁজ করা হচ্ছে। প্রয়োজনে বিভাগীয় ব্যবস্থা নেওয়া হবে।
বিজ্ঞপ্তি
এতদ্বারা সংশ্লিষ্ট সকলের অবগতির জন্য জানানো যাচ্ছে যে, বাংলাদেশ রাবার বোর্ড রাবার বাগানে নিয়োজিত মালিক, টেপার ও শ্রমিকদের দক্ষতা বৃদ্ধির লক্ষ্যে "টেপার প্রশিক্ষণের" উদ্যোগ গ্রহণ করেছে। এর প্রেক্ষিতে ট্যাপার প্রশিক্ষণে অংশগ্রহণে আগ্রহী প্রার্থীদের নিকট হতে দরখাস্ত আহবান করা যাচ্ছে। আগ্রহী প্রার্থীদেরকে আগামী ১৫/১০/২০২১ তারিখের মধ্যে নিম্নে বর্ণিত ঠিকানায় আবেদন প্রেরণের জন্য অনুরোধ করা হলো।
সংযুক্তিঃ
১। সদ্যতোলা পাসপোর্ট সাইজের ০২ কপি ছবি।
২। জাতীয় পরিচয়পত্রের ফটোকপি।
৩। শিক্ষাগত যোগ্যতার সনদপত্র (যদি থাকে)।
৪। বাগান মালিকের প্রত্যয়নপত্র।
শর্তাবলীঃ
১। আবেদনপত্র প্রাপ্তির ক্রমানুসারে ব্যাচভিত্তিক প্রশিক্ষণার্থী নির্বাচন করা হবে।
২। প্রশিক্ষণের জন্য কোনরূপ ফি প্রদান করতে হবে না।
আবেদনপত্র প্রেরণের ঠিকানাঃ
বাংলাদেশ রাবার বোর্ড
ই ১০-১৩, এম এ কে খালিদ সড়ক, পশ্চিম পাহাড়তলী
বাংলাদেশ বন গবেষণা ইনস্টিটিউট, ষোলশহর, চট্টগ্রাম
ই-মেইলঃ dd.rubberboard@gmail.com
ফোনঃ ০২৪১৩০৩০৩৭
(বিদেশী সাম্প্রীত চাকমা)
পরিচালক (প্রশাসন)
বাংলাদেশ রাবার বোর্ড, চট্টগ্রাম।
জি-৩৫৮/২১ (৪×৩)
